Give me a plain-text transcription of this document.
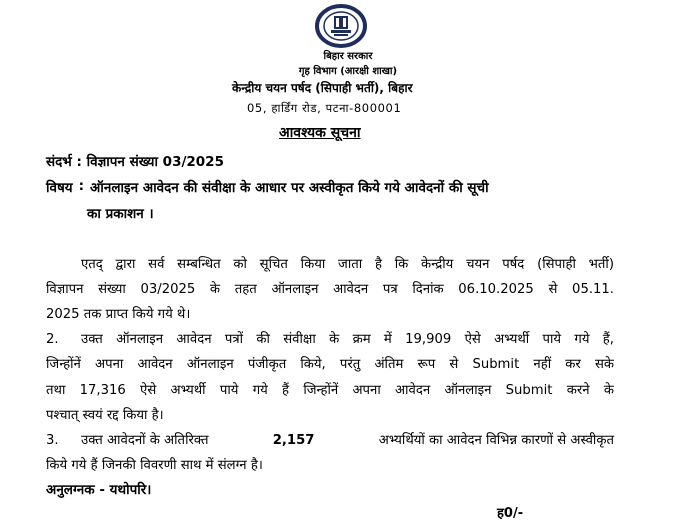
बिहार सरकार
गृह विभाग (आरक्षी शाखा)
केन्द्रीय चयन पर्षद (सिपाही भर्ती), बिहार
05, हार्डिंग रोड, पटना-800001
आवश्यक सूचना
संदर्भ : विज्ञापन संख्या 03/2025
विषय : ऑनलाइन आवेदन की संवीक्षा के आधार पर अस्वीकृत किये गये आवेदनों की सूची
का प्रकाशन ।
एतद् द्वारा सर्व सम्बन्धित को सूचित किया जाता है कि केन्द्रीय चयन पर्षद (सिपाही भर्ती)
विज्ञापन संख्या 03/2025 के तहत ऑनलाइन आवेदन पत्र दिनांक 06.10.2025 से 05.11.
2025 तक प्राप्त किये गये थे।
2.	उक्त ऑनलाइन आवेदन पत्रों की संवीक्षा के क्रम में 19,909 ऐसे अभ्यर्थी पाये गये हैं,
जिन्होंनें अपना आवेदन ऑनलाइन पंजीकृत किये, परंतु अंतिम रूप से Submit नहीं कर सके
तथा 17,316 ऐसे अभ्यर्थी पाये गये हैं जिन्होंनें अपना आवेदन ऑनलाइन Submit करने के
पश्चात् स्वयं रद्द किया है।
3.	उक्त आवेदनों के अतिरिक्त	2,157	अभ्यर्थियों का आवेदन विभिन्न कारणों से अस्वीकृत
किये गये हैं जिनकी विवरणी साथ में संलग्न है।
अनुलग्नक - यथोपरि।
ह0/-
